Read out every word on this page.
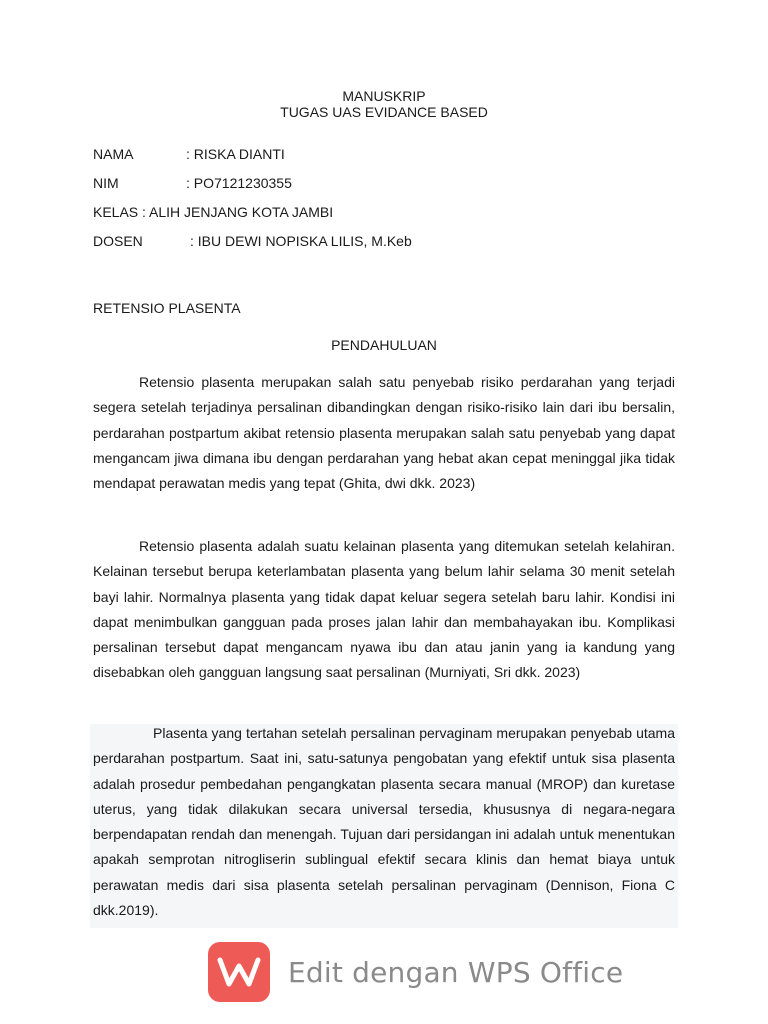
MANUSKRIP
TUGAS UAS EVIDANCE BASED
NAMA	: RISKA DIANTI
NIM	: PO7121230355
KELAS : ALIH JENJANG KOTA JAMBI
DOSEN	: IBU DEWI NOPISKA LILIS, M.Keb
RETENSIO PLASENTA
PENDAHULUAN

Retensio plasenta merupakan salah satu penyebab risiko perdarahan yang terjadi segera setelah terjadinya persalinan dibandingkan dengan risiko-risiko lain dari ibu bersalin, perdarahan postpartum akibat retensio plasenta merupakan salah satu penyebab yang dapat mengancam jiwa dimana ibu dengan perdarahan yang hebat akan cepat meninggal jika tidak mendapat perawatan medis yang tepat (Ghita, dwi dkk. 2023)

Retensio plasenta adalah suatu kelainan plasenta yang ditemukan setelah kelahiran. Kelainan tersebut berupa keterlambatan plasenta yang belum lahir selama 30 menit setelah bayi lahir. Normalnya plasenta yang tidak dapat keluar segera setelah baru lahir. Kondisi ini dapat menimbulkan gangguan pada proses jalan lahir dan membahayakan ibu. Komplikasi persalinan tersebut dapat mengancam nyawa ibu dan atau janin yang ia kandung yang disebabkan oleh gangguan langsung saat persalinan (Murniyati, Sri dkk. 2023)

Plasenta yang tertahan setelah persalinan pervaginam merupakan penyebab utama perdarahan postpartum. Saat ini, satu-satunya pengobatan yang efektif untuk sisa plasenta adalah prosedur pembedahan pengangkatan plasenta secara manual (MROP) dan kuretase uterus, yang tidak dilakukan secara universal tersedia, khususnya di negara-negara berpendapatan rendah dan menengah. Tujuan dari persidangan ini adalah untuk menentukan apakah semprotan nitrogliserin sublingual efektif secara klinis dan hemat biaya untuk perawatan medis dari sisa plasenta setelah persalinan pervaginam (Dennison, Fiona C dkk.2019).

Edit dengan WPS Office
